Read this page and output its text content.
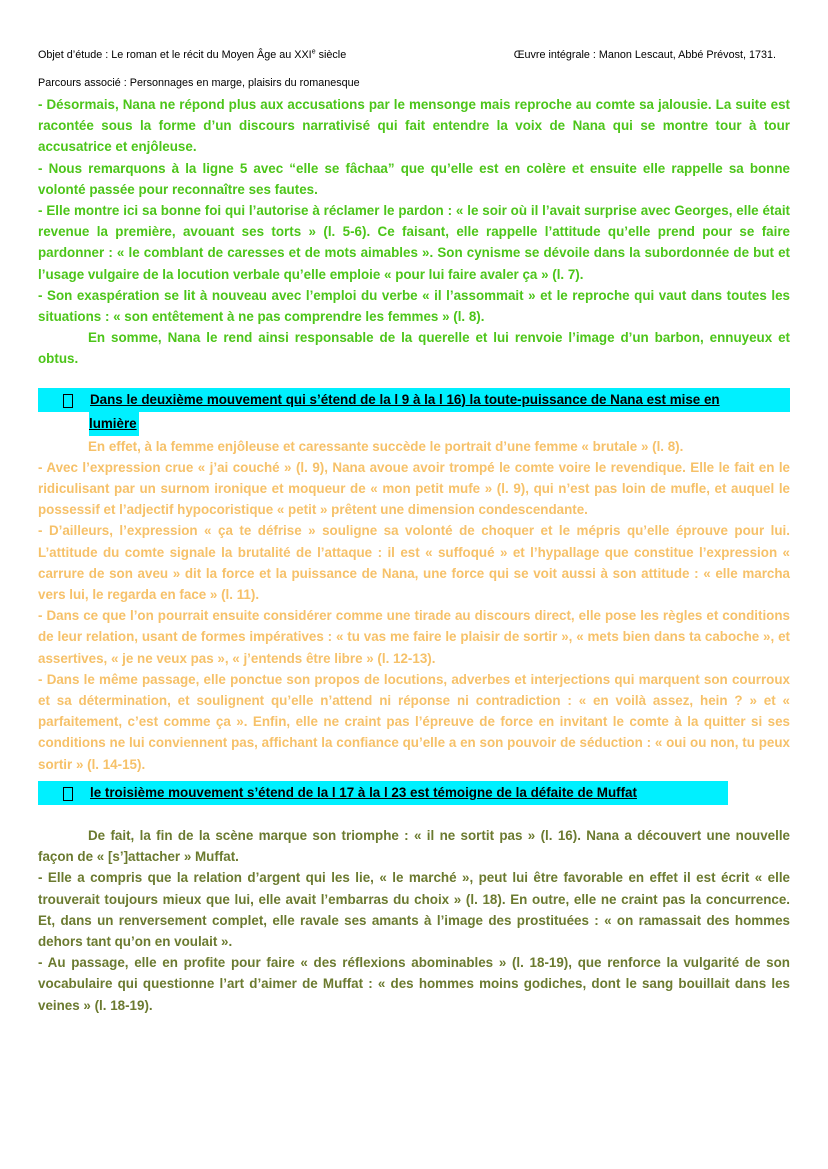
Objet d’étude : Le roman et le récit du Moyen Âge au XXIe siècle	Œuvre intégrale : Manon Lescaut, Abbé Prévost, 1731.
Parcours associé : Personnages en marge, plaisirs du romanesque

- Désormais, Nana ne répond plus aux accusations par le mensonge mais reproche au comte sa jalousie. La suite est racontée sous la forme d’un discours narrativisé qui fait entendre la voix de Nana qui se montre tour à tour accusatrice et enjôleuse.

- Nous remarquons à la ligne 5 avec “elle se fâchaa” que qu’elle est en colère et ensuite elle rappelle sa bonne volonté passée pour reconnaître ses fautes.

- Elle montre ici sa bonne foi qui l’autorise à réclamer le pardon : « le soir où il l’avait surprise avec Georges, elle était revenue la première, avouant ses torts » (l. 5-6). Ce faisant, elle rappelle l’attitude qu’elle prend pour se faire pardonner : « le comblant de caresses et de mots aimables ». Son cynisme se dévoile dans la subordonnée de but et l’usage vulgaire de la locution verbale qu’elle emploie « pour lui faire avaler ça » (l. 7).

- Son exaspération se lit à nouveau avec l’emploi du verbe « il l’assommait » et le reproche qui vaut dans toutes les situations : « son entêtement à ne pas comprendre les femmes » (l. 8).

En somme, Nana le rend ainsi responsable de la querelle et lui renvoie l’image d’un barbon, ennuyeux et obtus.

Dans le deuxième mouvement qui s’étend de la l 9 à la l 16) la toute-puissance de Nana est mise en
lumière

En effet, à la femme enjôleuse et caressante succède le portrait d’une femme « brutale » (l. 8).

- Avec l’expression crue « j’ai couché » (l. 9), Nana avoue avoir trompé le comte voire le revendique. Elle le fait en le ridiculisant par un surnom ironique et moqueur de « mon petit mufe » (l. 9), qui n’est pas loin de mufle, et auquel le possessif et l’adjectif hypocoristique « petit » prêtent une dimension condescendante.

- D’ailleurs, l’expression « ça te défrise » souligne sa volonté de choquer et le mépris qu’elle éprouve pour lui. L’attitude du comte signale la brutalité de l’attaque : il est « suffoqué » et l’hypallage que constitue l’expression « carrure de son aveu » dit la force et la puissance de Nana, une force qui se voit aussi à son attitude : « elle marcha vers lui, le regarda en face » (l. 11).

- Dans ce que l’on pourrait ensuite considérer comme une tirade au discours direct, elle pose les règles et conditions de leur relation, usant de formes impératives : « tu vas me faire le plaisir de sortir », « mets bien dans ta caboche », et assertives, « je ne veux pas », « j’entends être libre » (l. 12-13).

- Dans le même passage, elle ponctue son propos de locutions, adverbes et interjections qui marquent son courroux et sa détermination, et soulignent qu’elle n’attend ni réponse ni contradiction : « en voilà assez, hein ? » et « parfaitement, c’est comme ça ». Enfin, elle ne craint pas l’épreuve de force en invitant le comte à la quitter si ses conditions ne lui conviennent pas, affichant la confiance qu’elle a en son pouvoir de séduction : « oui ou non, tu peux sortir » (l. 14-15).

le troisième mouvement s’étend de la l 17 à la l 23 est témoigne de la défaite de Muffat

De fait, la fin de la scène marque son triomphe : « il ne sortit pas » (l. 16). Nana a découvert une nouvelle façon de « [s’]attacher » Muffat.

- Elle a compris que la relation d’argent qui les lie, « le marché », peut lui être favorable en effet il est écrit « elle trouverait toujours mieux que lui, elle avait l’embarras du choix » (l. 18). En outre, elle ne craint pas la concurrence. Et, dans un renversement complet, elle ravale ses amants à l’image des prostituées : « on ramassait des hommes dehors tant qu’on en voulait ».

- Au passage, elle en profite pour faire « des réflexions abominables » (l. 18-19), que renforce la vulgarité de son vocabulaire qui questionne l’art d’aimer de Muffat : « des hommes moins godiches, dont le sang bouillait dans les veines » (l. 18-19).
